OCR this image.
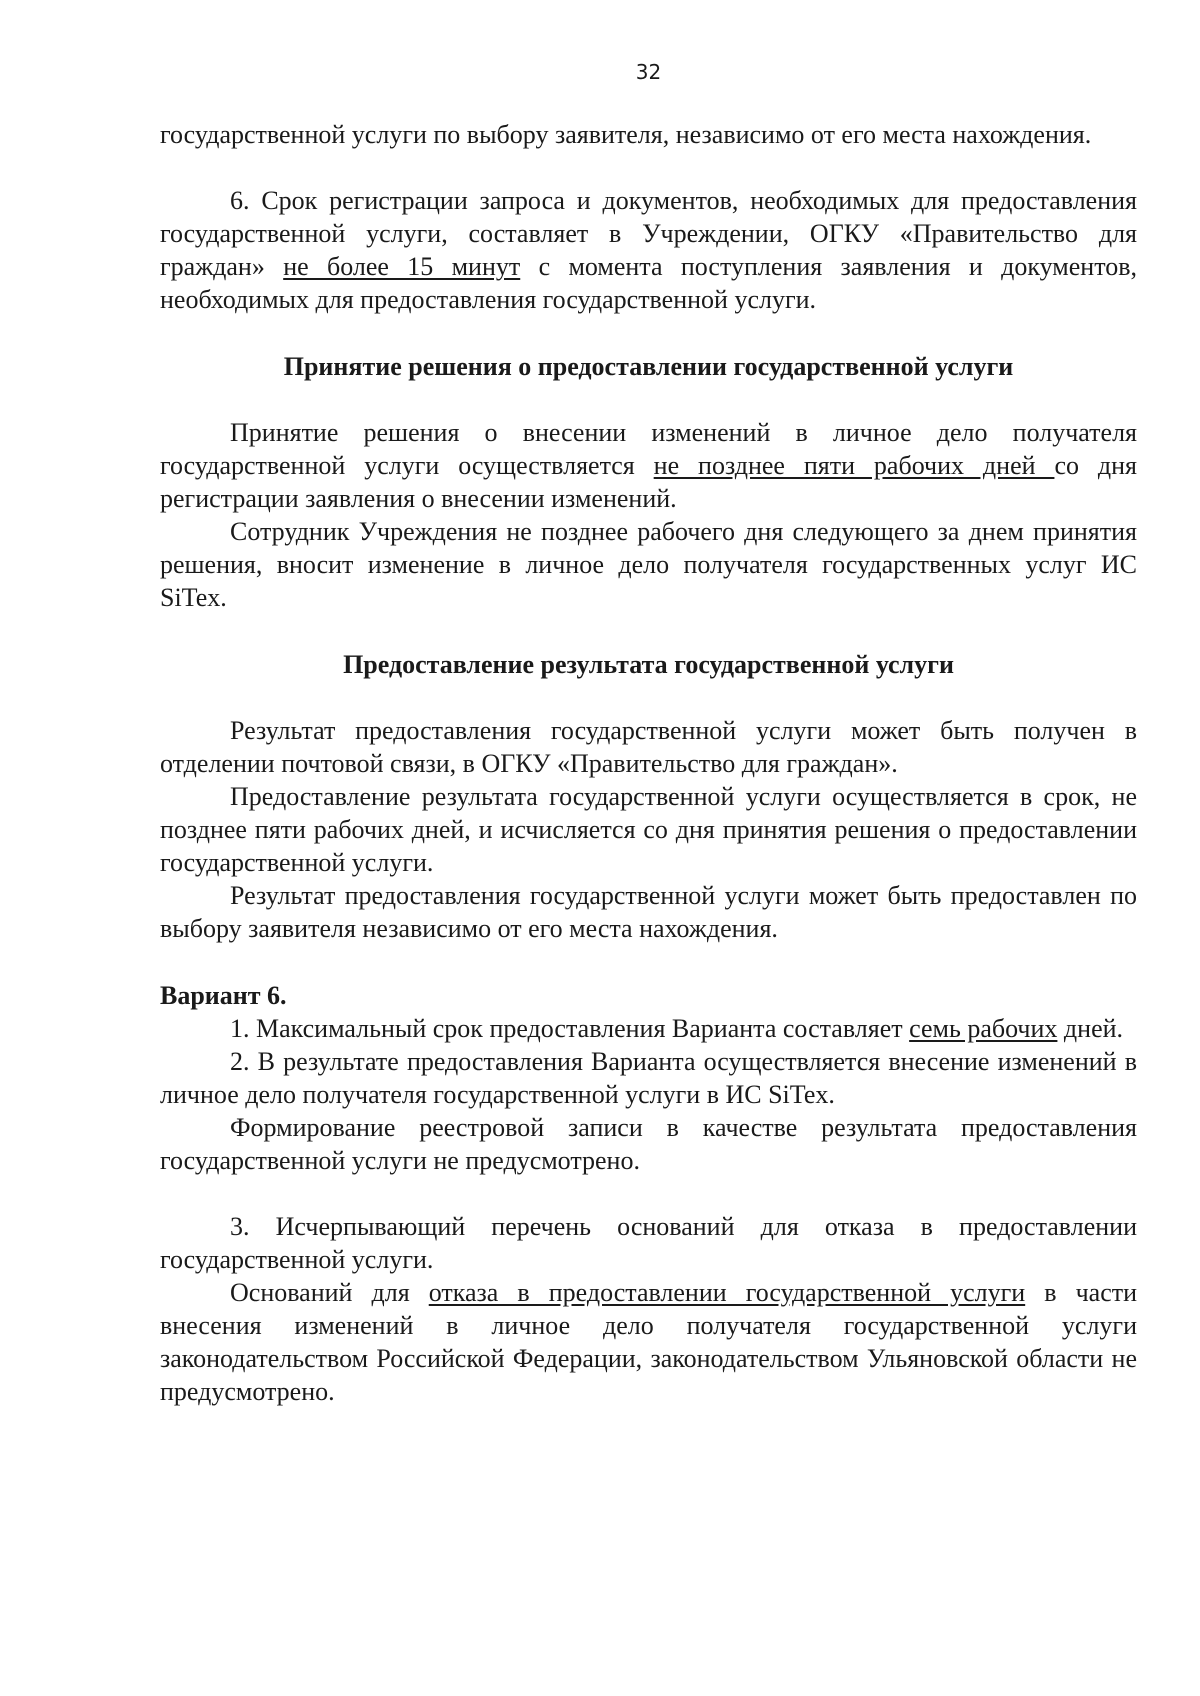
32

государственной услуги по выбору заявителя, независимо от его места нахождения.

6. Срок регистрации запроса и документов, необходимых для предоставления государственной услуги, составляет в Учреждении, ОГКУ «Правительство для граждан» не более 15 минут с момента поступления заявления и документов, необходимых для предоставления государственной услуги.

Принятие решения о предоставлении государственной услуги

Принятие решения о внесении изменений в личное дело получателя государственной услуги осуществляется не позднее пяти рабочих дней со дня регистрации заявления о внесении изменений.

Сотрудник Учреждения не позднее рабочего дня следующего за днем принятия решения, вносит изменение в личное дело получателя государственных услуг ИС SiTex.

Предоставление результата государственной услуги

Результат предоставления государственной услуги может быть получен в отделении почтовой связи, в ОГКУ «Правительство для граждан».

Предоставление результата государственной услуги осуществляется в срок, не позднее пяти рабочих дней, и исчисляется со дня принятия решения о предоставлении государственной услуги.

Результат предоставления государственной услуги может быть предоставлен по выбору заявителя независимо от его места нахождения.

Вариант 6.

1. Максимальный срок предоставления Варианта составляет семь рабочих дней.

2. В результате предоставления Варианта осуществляется внесение изменений в личное дело получателя государственной услуги в ИС SiTex.

Формирование реестровой записи в качестве результата предоставления государственной услуги не предусмотрено.

3. Исчерпывающий перечень оснований для отказа в предоставлении государственной услуги.

Оснований для отказа в предоставлении государственной услуги в части внесения изменений в личное дело получателя государственной услуги законодательством Российской Федерации, законодательством Ульяновской области не предусмотрено.
